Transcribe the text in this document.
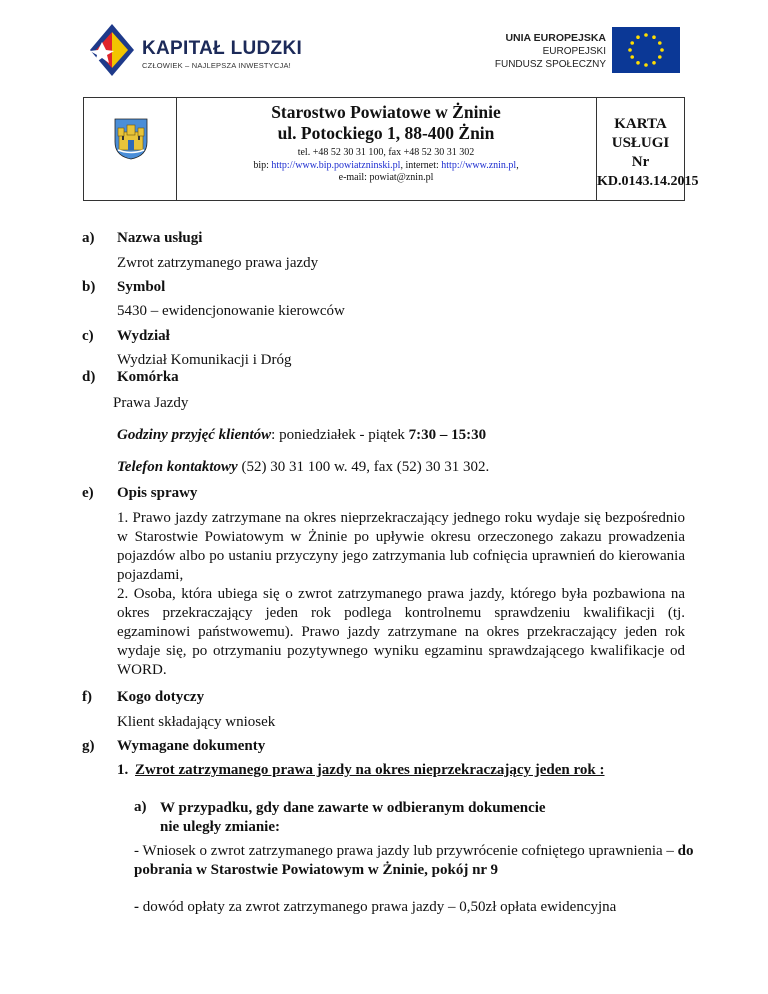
KAPITAŁ LUDZKI
CZŁOWIEK – NAJLEPSZA INWESTYCJA!
UNIA EUROPEJSKA
EUROPEJSKI
FUNDUSZ SPOŁECZNY
Starostwo Powiatowe w Żninie
ul. Potockiego 1, 88-400 Żnin
tel. +48 52 30 31 100, fax +48 52 30 31 302
bip: http://www.bip.powiatzninski.pl, internet: http://www.znin.pl,
e-mail: powiat@znin.pl
KARTA
USŁUGI
Nr
KD.0143.14.2015
a) Nazwa usługi
Zwrot zatrzymanego prawa jazdy
b) Symbol
5430 – ewidencjonowanie kierowców
c) Wydział
Wydział Komunikacji i Dróg
d) Komórka
Prawa Jazdy
Godziny przyjęć klientów: poniedziałek - piątek 7:30 – 15:30
Telefon kontaktowy (52) 30 31 100 w. 49, fax (52) 30 31 302.
e) Opis sprawy
1. Prawo jazdy zatrzymane na okres nieprzekraczający jednego roku wydaje się bezpośrednio w Starostwie Powiatowym w Żninie po upływie okresu orzeczonego zakazu prowadzenia pojazdów albo po ustaniu przyczyny jego zatrzymania lub cofnięcia uprawnień do kierowania pojazdami,
2. Osoba, która ubiega się o zwrot zatrzymanego prawa jazdy, którego była pozbawiona na okres przekraczający jeden rok podlega kontrolnemu sprawdzeniu kwalifikacji (tj. egzaminowi państwowemu). Prawo jazdy zatrzymane na okres przekraczający jeden rok wydaje się, po otrzymaniu pozytywnego wyniku egzaminu sprawdzającego kwalifikacje od WORD.
f) Kogo dotyczy
Klient składający wniosek
g) Wymagane dokumenty
1. Zwrot zatrzymanego prawa jazdy na okres nieprzekraczający jeden rok :
a) W przypadku, gdy dane zawarte w odbieranym dokumencie nie uległy zmianie:
- Wniosek o zwrot zatrzymanego prawa jazdy lub przywrócenie cofniętego uprawnienia – do pobrania w Starostwie Powiatowym w Żninie, pokój nr 9
- dowód opłaty za zwrot zatrzymanego prawa jazdy – 0,50zł opłata ewidencyjna
